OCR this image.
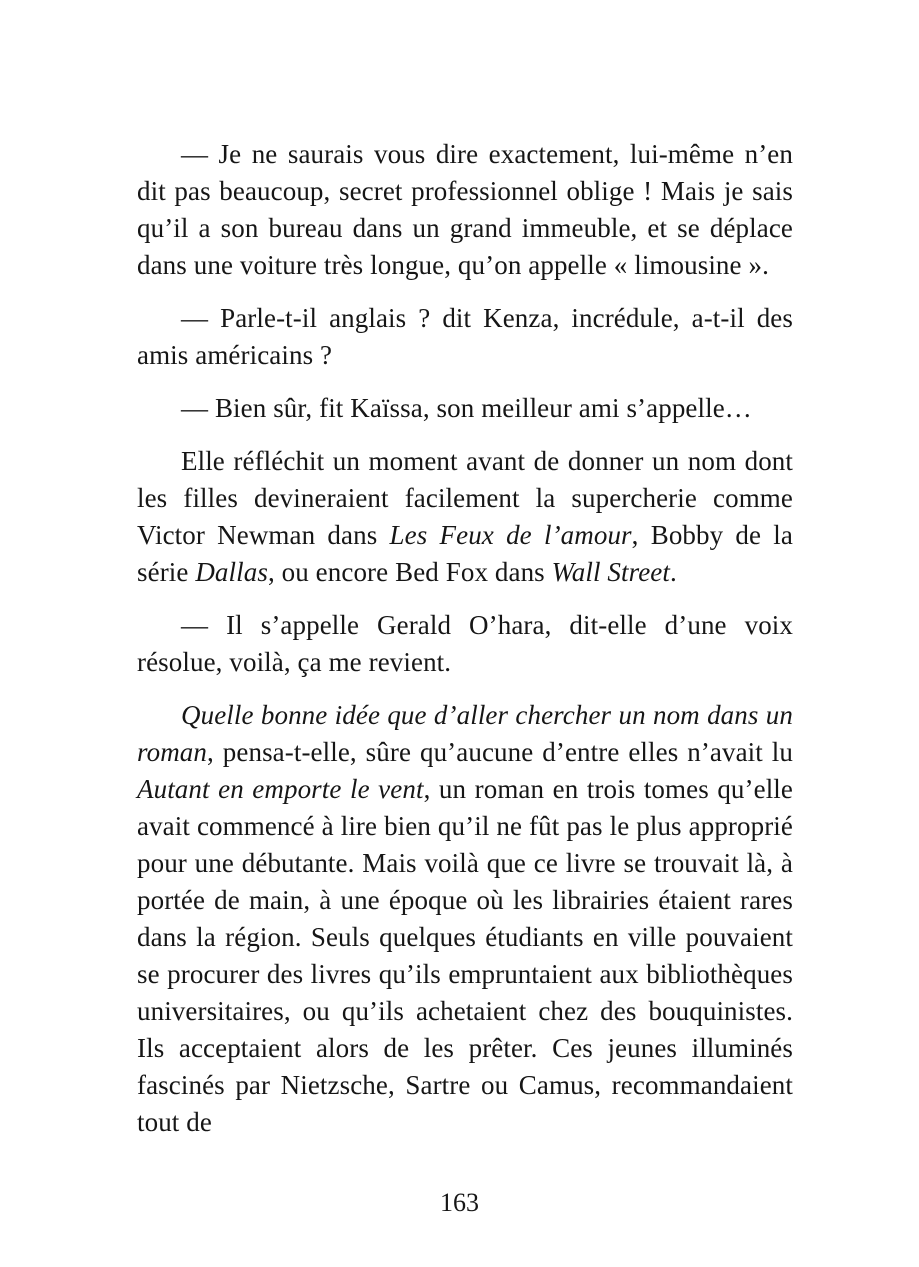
— Je ne saurais vous dire exactement, lui-même n’en dit pas beaucoup, secret professionnel oblige ! Mais je sais qu’il a son bureau dans un grand immeuble, et se déplace dans une voiture très longue, qu’on appelle « limousine ».

— Parle-t-il anglais ? dit Kenza, incrédule, a-t-il des amis américains ?

— Bien sûr, fit Kaïssa, son meilleur ami s’appelle…

Elle réfléchit un moment avant de donner un nom dont les filles devineraient facilement la supercherie comme Victor Newman dans Les Feux de l’amour, Bobby de la série Dallas, ou encore Bed Fox dans Wall Street.

— Il s’appelle Gerald O’hara, dit-elle d’une voix résolue, voilà, ça me revient.

Quelle bonne idée que d’aller chercher un nom dans un roman, pensa-t-elle, sûre qu’aucune d’entre elles n’avait lu Autant en emporte le vent, un roman en trois tomes qu’elle avait commencé à lire bien qu’il ne fût pas le plus approprié pour une débutante. Mais voilà que ce livre se trouvait là, à portée de main, à une époque où les librairies étaient rares dans la région. Seuls quelques étudiants en ville pouvaient se procurer des livres qu’ils empruntaient aux bibliothèques universitaires, ou qu’ils achetaient chez des bouquinistes. Ils acceptaient alors de les prêter. Ces jeunes illuminés fascinés par Nietzsche, Sartre ou Camus, recommandaient tout de

163
